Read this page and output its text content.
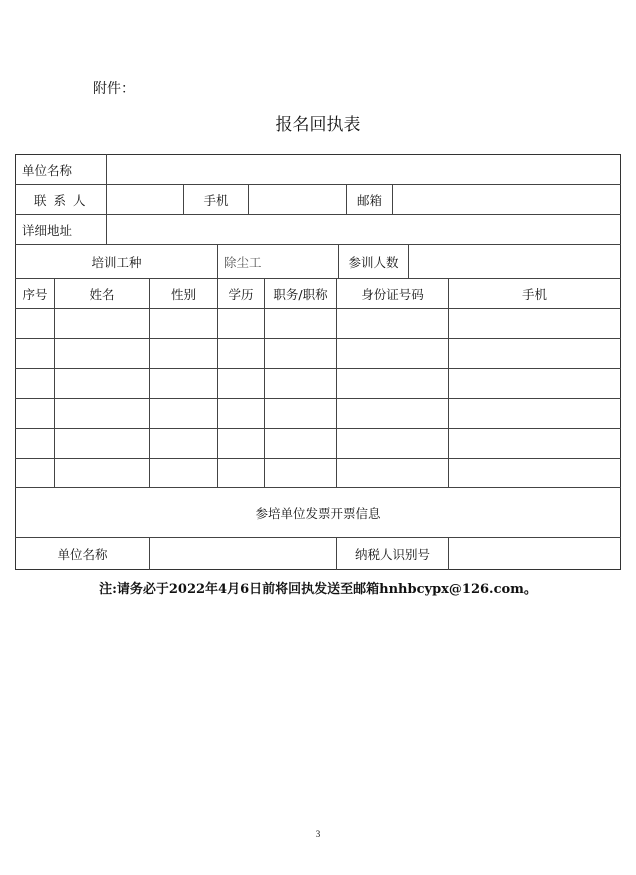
附件：
报名回执表
单位名称
联系人	手机	邮箱
详细地址
培训工种	除尘工	参训人数
序号	姓名	性别	学历	职务/职称	身份证号码	手机
参培单位发票开票信息
单位名称	纳税人识别号
注:请务必于2022年4月6日前将回执发送至邮箱hnhbcypx@126.com。
3
